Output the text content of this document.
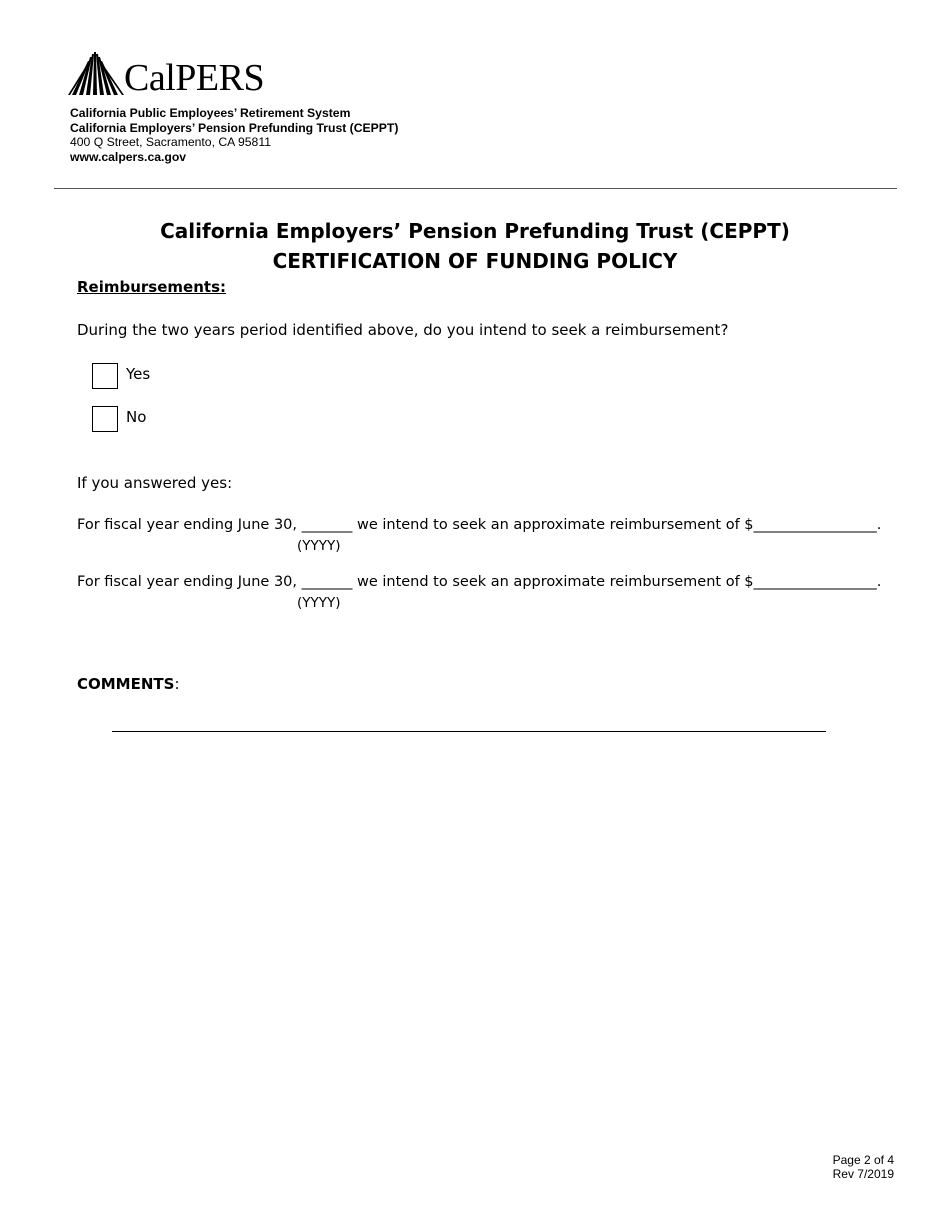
CalPERS
California Public Employees’ Retirement System
California Employers’ Pension Prefunding Trust (CEPPT)
400 Q Street, Sacramento, CA 95811
www.calpers.ca.gov
California Employers’ Pension Prefunding Trust (CEPPT)
CERTIFICATION OF FUNDING POLICY
Reimbursements:
During the two years period identified above, do you intend to seek a reimbursement?
Yes
No
If you answered yes:
For fiscal year ending June 30, _______ we intend to seek an approximate reimbursement of $_________________.
(YYYY)
For fiscal year ending June 30, _______ we intend to seek an approximate reimbursement of $_________________.
(YYYY)
COMMENTS:
Page 2 of 4
Rev 7/2019
